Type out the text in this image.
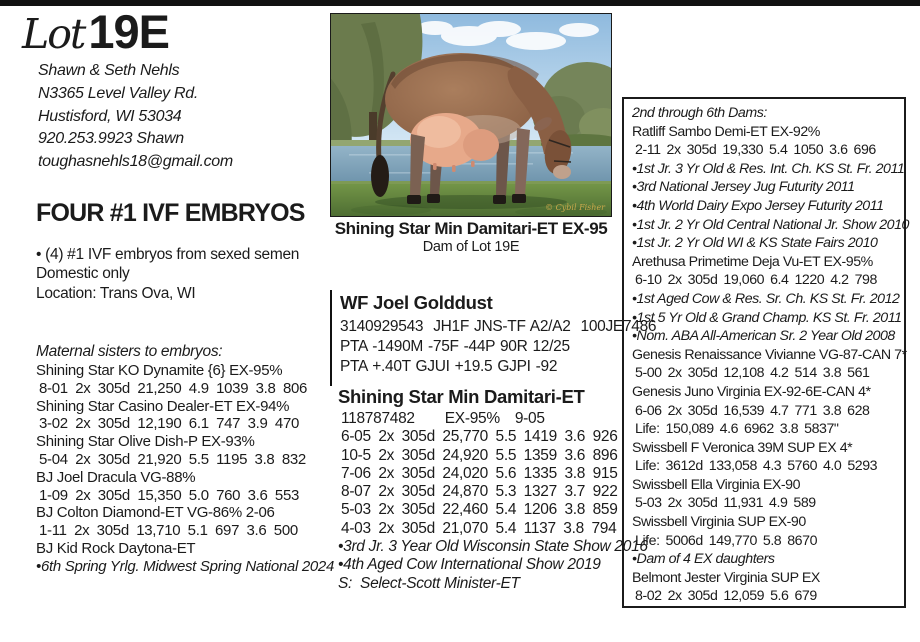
Lot19E
Shawn & Seth Nehls
N3365 Level Valley Rd.
Hustisford, WI 53034
920.253.9923 Shawn
toughasnehls18@gmail.com
FOUR #1 IVF EMBRYOS
• (4) #1 IVF embryos from sexed semen
Domestic only
Location: Trans Ova, WI
Maternal sisters to embryos:
Shining Star KO Dynamite {6} EX-95%
8-01 2x 305d 21,250 4.9 1039 3.8 806
Shining Star Casino Dealer-ET EX-94%
3-02 2x 305d 12,190 6.1 747 3.9 470
Shining Star Olive Dish-P EX-93%
5-04 2x 305d 21,920 5.5 1195 3.8 832
BJ Joel Dracula VG-88%
1-09 2x 305d 15,350 5.0 760 3.6 553
BJ Colton Diamond-ET VG-86% 2-06
1-11 2x 305d 13,710 5.1 697 3.6 500
BJ Kid Rock Daytona-ET
•6th Spring Yrlg. Midwest Spring National 2024
© Cybil Fisher
Shining Star Min Damitari-ET EX-95
Dam of Lot 19E
WF Joel Golddust
3140929543  JH1F JNS-TF A2/A2  100JE7486
PTA -1490M -75F -44P 90R 12/25
PTA +.40T GJUI +19.5 GJPI -92
Shining Star Min Damitari-ET
118787482    EX-95%  9-05
6-05 2x 305d 25,770 5.5 1419 3.6 926
10-5 2x 305d 24,920 5.5 1359 3.6 896
7-06 2x 305d 24,020 5.6 1335 3.8 915
8-07 2x 305d 24,870 5.3 1327 3.7 922
5-03 2x 305d 22,460 5.4 1206 3.8 859
4-03 2x 305d 21,070 5.4 1137 3.8 794
•3rd Jr. 3 Year Old Wisconsin State Show 2016
•4th Aged Cow International Show 2019
S:  Select-Scott Minister-ET
2nd through 6th Dams:
Ratliff Sambo Demi-ET EX-92%
2-11 2x 305d 19,330 5.4 1050 3.6 696
•1st Jr. 3 Yr Old & Res. Int. Ch. KS St. Fr. 2011
•3rd National Jersey Jug Futurity 2011
•4th World Dairy Expo Jersey Futurity 2011
•1st Jr. 2 Yr Old Central National Jr. Show 2010
•1st Jr. 2 Yr Old WI & KS State Fairs 2010
Arethusa Primetime Deja Vu-ET EX-95%
6-10 2x 305d 19,060 6.4 1220 4.2 798
•1st Aged Cow & Res. Sr. Ch. KS St. Fr. 2012
•1st 5 Yr Old & Grand Champ. KS St. Fr. 2011
•Nom. ABA All-American Sr. 2 Year Old 2008
Genesis Renaissance Vivianne VG-87-CAN 7*
5-00 2x 305d 12,108 4.2 514 3.8 561
Genesis Juno Virginia EX-92-6E-CAN 4*
6-06 2x 305d 16,539 4.7 771 3.8 628
Life: 150,089 4.6 6962 3.8 5837"
Swissbell F Veronica 39M SUP EX 4*
Life: 3612d 133,058 4.3 5760 4.0 5293
Swissbell Ella Virginia EX-90
5-03 2x 305d 11,931 4.9 589
Swissbell Virginia SUP EX-90
Life: 5006d 149,770 5.8 8670
•Dam of 4 EX daughters
Belmont Jester Virginia SUP EX
8-02 2x 305d 12,059 5.6 679
